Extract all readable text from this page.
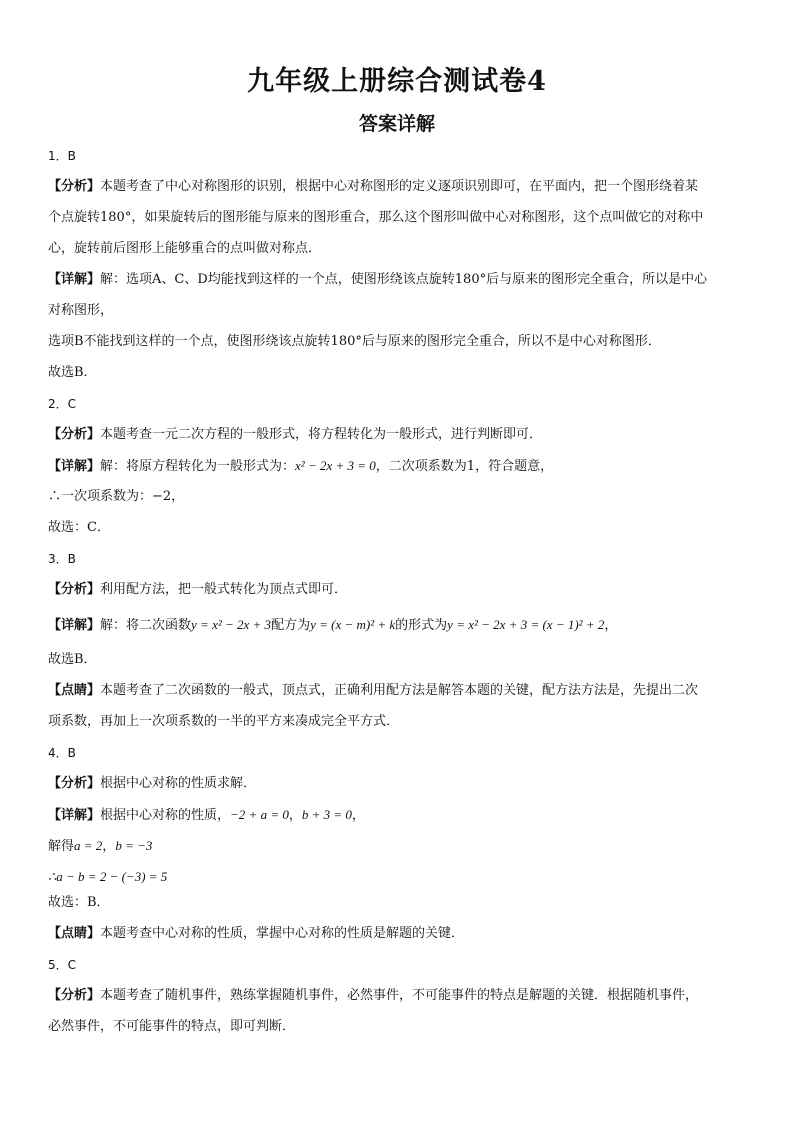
九年级上册综合测试卷4
答案详解
1．B
【分析】本题考查了中心对称图形的识别，根据中心对称图形的定义逐项识别即可，在平面内，把一个图形绕着某
个点旋转180°，如果旋转后的图形能与原来的图形重合，那么这个图形叫做中心对称图形，这个点叫做它的对称中
心，旋转前后图形上能够重合的点叫做对称点．
【详解】解：选项A、C、D均能找到这样的一个点，使图形绕该点旋转180°后与原来的图形完全重合，所以是中心
对称图形，
选项B不能找到这样的一个点，使图形绕该点旋转180°后与原来的图形完全重合，所以不是中心对称图形．
故选B．
2．C
【分析】本题考查一元二次方程的一般形式，将方程转化为一般形式，进行判断即可．
【详解】解：将原方程转化为一般形式为：x² − 2x + 3 = 0，二次项系数为1，符合题意，
∴一次项系数为：−2，
故选：C．
3．B
【分析】利用配方法，把一般式转化为顶点式即可．
【详解】解：将二次函数y = x² − 2x + 3配方为y = (x − m)² + k的形式为y = x² − 2x + 3 = (x − 1)² + 2，
故选B．
【点睛】本题考查了二次函数的一般式，顶点式，正确利用配方法是解答本题的关键，配方法方法是，先提出二次
项系数，再加上一次项系数的一半的平方来凑成完全平方式．
4．B
【分析】根据中心对称的性质求解．
【详解】根据中心对称的性质，−2 + a = 0，b + 3 = 0，
解得a = 2，b = −3
∴a − b = 2 − (−3) = 5
故选：B．
【点睛】本题考查中心对称的性质，掌握中心对称的性质是解题的关键．
5．C
【分析】本题考查了随机事件，熟练掌握随机事件，必然事件，不可能事件的特点是解题的关键．根据随机事件，
必然事件，不可能事件的特点，即可判断．
